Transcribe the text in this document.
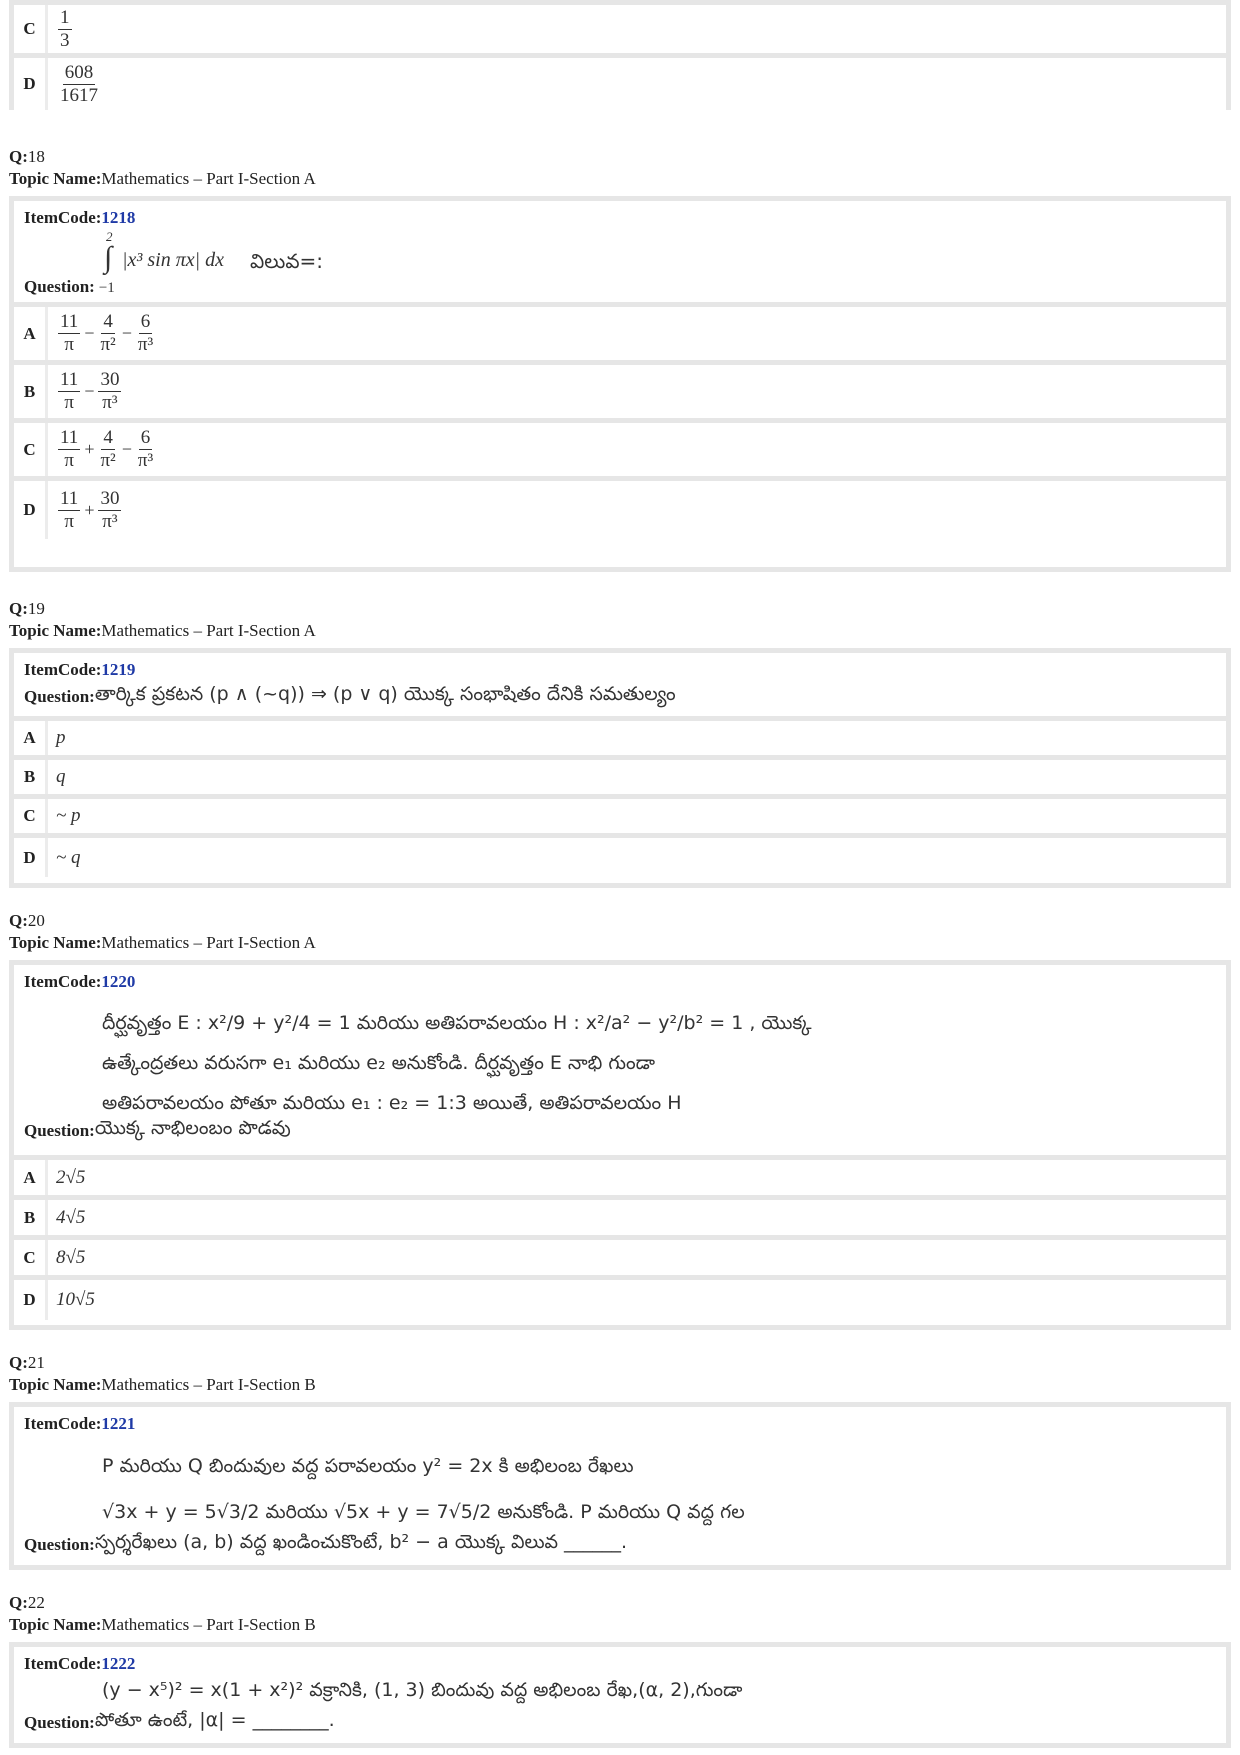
C	$\frac{1}{3}$
D	$\frac{608}{1617}$
Q:18
Topic Name:Mathematics – Part I-Section A
ItemCode:1218
2
∫ |x³ sin πx| dx విలువ=:
Question: −1
A	$\frac{11}{\pi} - \frac{4}{\text{π²}} - \frac{6}{\text{π³}}$
B	$\frac{11}{\pi} - \frac{30}{\text{π³}}$
C	$\frac{11}{\pi} + \frac{4}{\text{π²}} - \frac{6}{\text{π³}}$
D	$\frac{11}{\pi} + \frac{30}{\text{π³}}$
Q:19
Topic Name:Mathematics – Part I-Section A
ItemCode:1219
Question: తార్కిక ప్రకటన (p ∧ (~q)) ⇒ (p ∨ q) యొక్క సంభాషితం దేనికి సమతుల్యం
A	p
B	q
C	~ p
D	~ q
Q:20
Topic Name:Mathematics – Part I-Section A
ItemCode:1220
దీర్ఘవృత్తం E : x²/9 + y²/4 = 1 మరియు అతిపరావలయం H : x²/a² − y²/b² = 1 , యొక్క
ఉత్కేంద్రతలు వరుసగా e₁ మరియు e₂ అనుకోండి. దీర్ఘవృత్తం E నాభి గుండా
అతిపరావలయం పోతూ మరియు e₁ : e₂ = 1:3 అయితే, అతిపరావలయం H
Question: యొక్క నాభిలంబం పొడవు
A	2√5
B	4√5
C	8√5
D	10√5
Q:21
Topic Name:Mathematics – Part I-Section B
ItemCode:1221
P మరియు Q బిందువుల వద్ద పరావలయం y² = 2x కి అభిలంబ రేఖలు
√3x + y = 5√3/2 మరియు √5x + y = 7√5/2 అనుకోండి. P మరియు Q వద్ద గల
Question: స్పర్శరేఖలు (a, b) వద్ద ఖండించుకొంటే, b² − a యొక్క విలువ ______.
Q:22
Topic Name:Mathematics – Part I-Section B
ItemCode:1222
(y − x⁵)² = x(1 + x²)² వక్రానికి, (1, 3) బిందువు వద్ద అభిలంబ రేఖ,(α, 2),గుండా
Question: పోతూ ఉంటే, |α| = ________.
